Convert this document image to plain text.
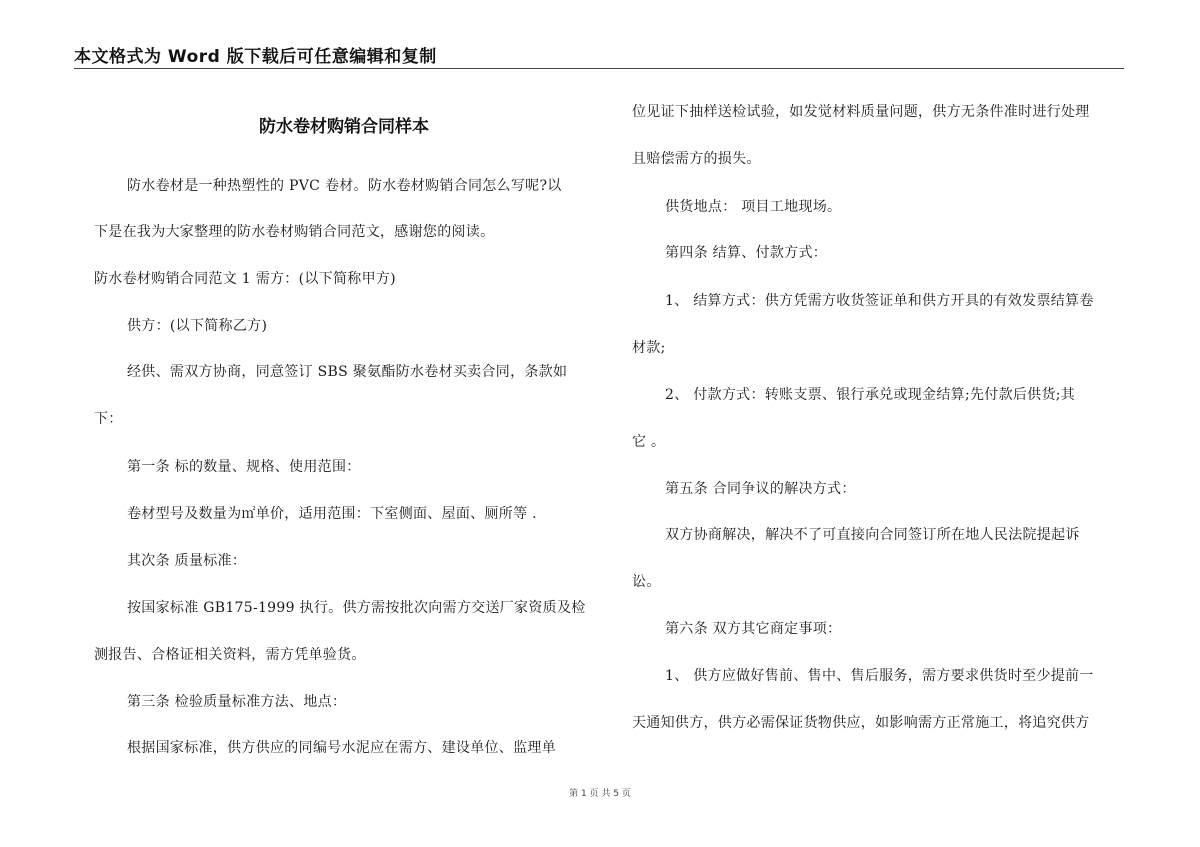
本文格式为 Word 版下载后可任意编辑和复制
防水卷材购销合同样本
防水卷材是一种热塑性的 PVC 卷材。防水卷材购销合同怎么写呢?以
下是在我为大家整理的防水卷材购销合同范文，感谢您的阅读。
防水卷材购销合同范文 1 需方：(以下简称甲方)
供方：(以下简称乙方)
经供、需双方协商，同意签订 SBS 聚氨酯防水卷材买卖合同，条款如
下：
第一条 标的数量、规格、使用范围：
卷材型号及数量为㎡单价，适用范围：下室侧面、屋面、厕所等 .
其次条 质量标准：
按国家标准 GB175-1999 执行。供方需按批次向需方交送厂家资质及检
测报告、合格证相关资料，需方凭单验货。
第三条 检验质量标准方法、地点：
根据国家标准，供方供应的同编号水泥应在需方、建设单位、监理单
位见证下抽样送检试验，如发觉材料质量问题，供方无条件准时进行处理
且赔偿需方的损失。
供货地点： 项目工地现场。
第四条 结算、付款方式：
1、 结算方式：供方凭需方收货签证单和供方开具的有效发票结算卷
材款;
2、 付款方式：转账支票、银行承兑或现金结算;先付款后供货;其
它 。
第五条 合同争议的解决方式：
双方协商解决，解决不了可直接向合同签订所在地人民法院提起诉
讼。
第六条 双方其它商定事项：
1、 供方应做好售前、售中、售后服务，需方要求供货时至少提前一
天通知供方，供方必需保证货物供应，如影响需方正常施工，将追究供方
第 1 页 共 5 页
